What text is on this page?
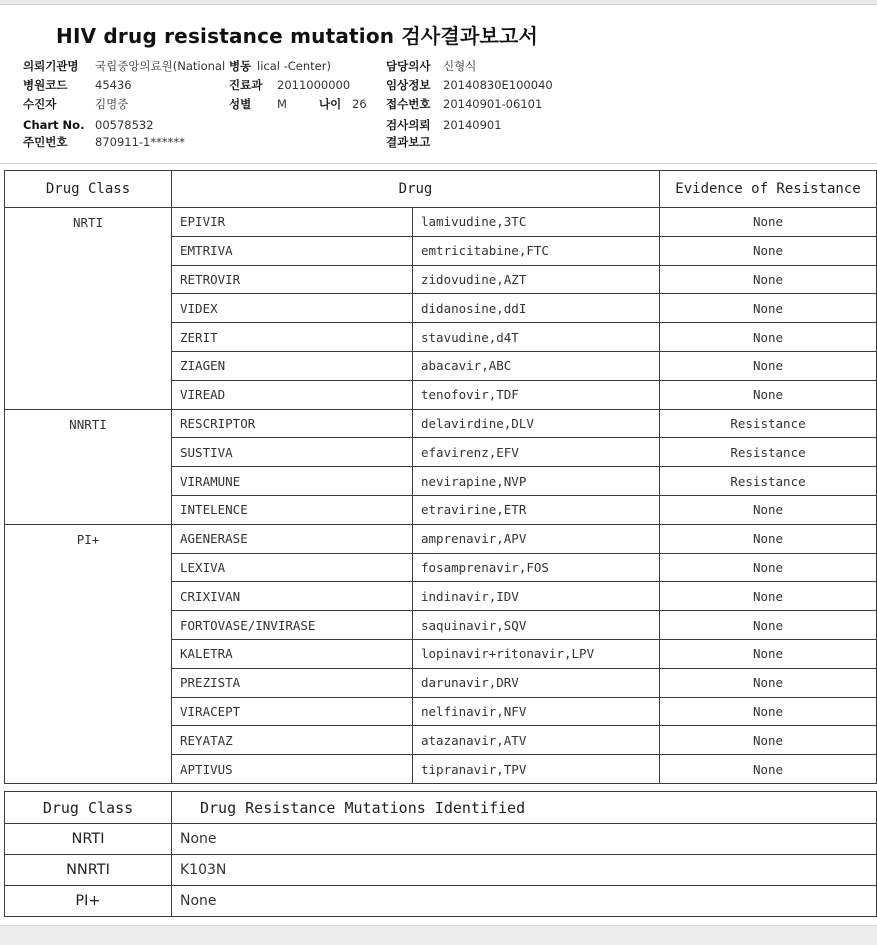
HIV drug resistance mutation 검사결과보고서
의뢰기관명 국립중앙의료원(National 병동 lical -Center)
병원코드 45436	진료과 2011000000
수진자	김명중	성별 M	나이 26
Chart No. 00578532
주민번호 870911-1******
담당의사 신형식
임상정보 20140830E100040
접수번호 20140901-06101
검사의뢰 20140901
결과보고
Drug Class	Drug		Evidence of Resistance
NRTI	EPIVIR	lamivudine,3TC	None
	EMTRIVA	emtricitabine,FTC	None
	RETROVIR	zidovudine,AZT	None
	VIDEX	didanosine,ddI	None
	ZERIT	stavudine,d4T	None
	ZIAGEN	abacavir,ABC	None
	VIREAD	tenofovir,TDF	None
NNRTI	RESCRIPTOR	delavirdine,DLV	Resistance
	SUSTIVA	efavirenz,EFV	Resistance
	VIRAMUNE	nevirapine,NVP	Resistance
	INTELENCE	etravirine,ETR	None
PI+	AGENERASE	amprenavir,APV	None
	LEXIVA	fosamprenavir,FOS	None
	CRIXIVAN	indinavir,IDV	None
	FORTOVASE/INVIRASE	saquinavir,SQV	None
	KALETRA	lopinavir+ritonavir,LPV	None
	PREZISTA	darunavir,DRV	None
	VIRACEPT	nelfinavir,NFV	None
	REYATAZ	atazanavir,ATV	None
	APTIVUS	tipranavir,TPV	None
Drug Class	Drug Resistance Mutations Identified
NRTI	None
NNRTI	K103N
PI+	None
